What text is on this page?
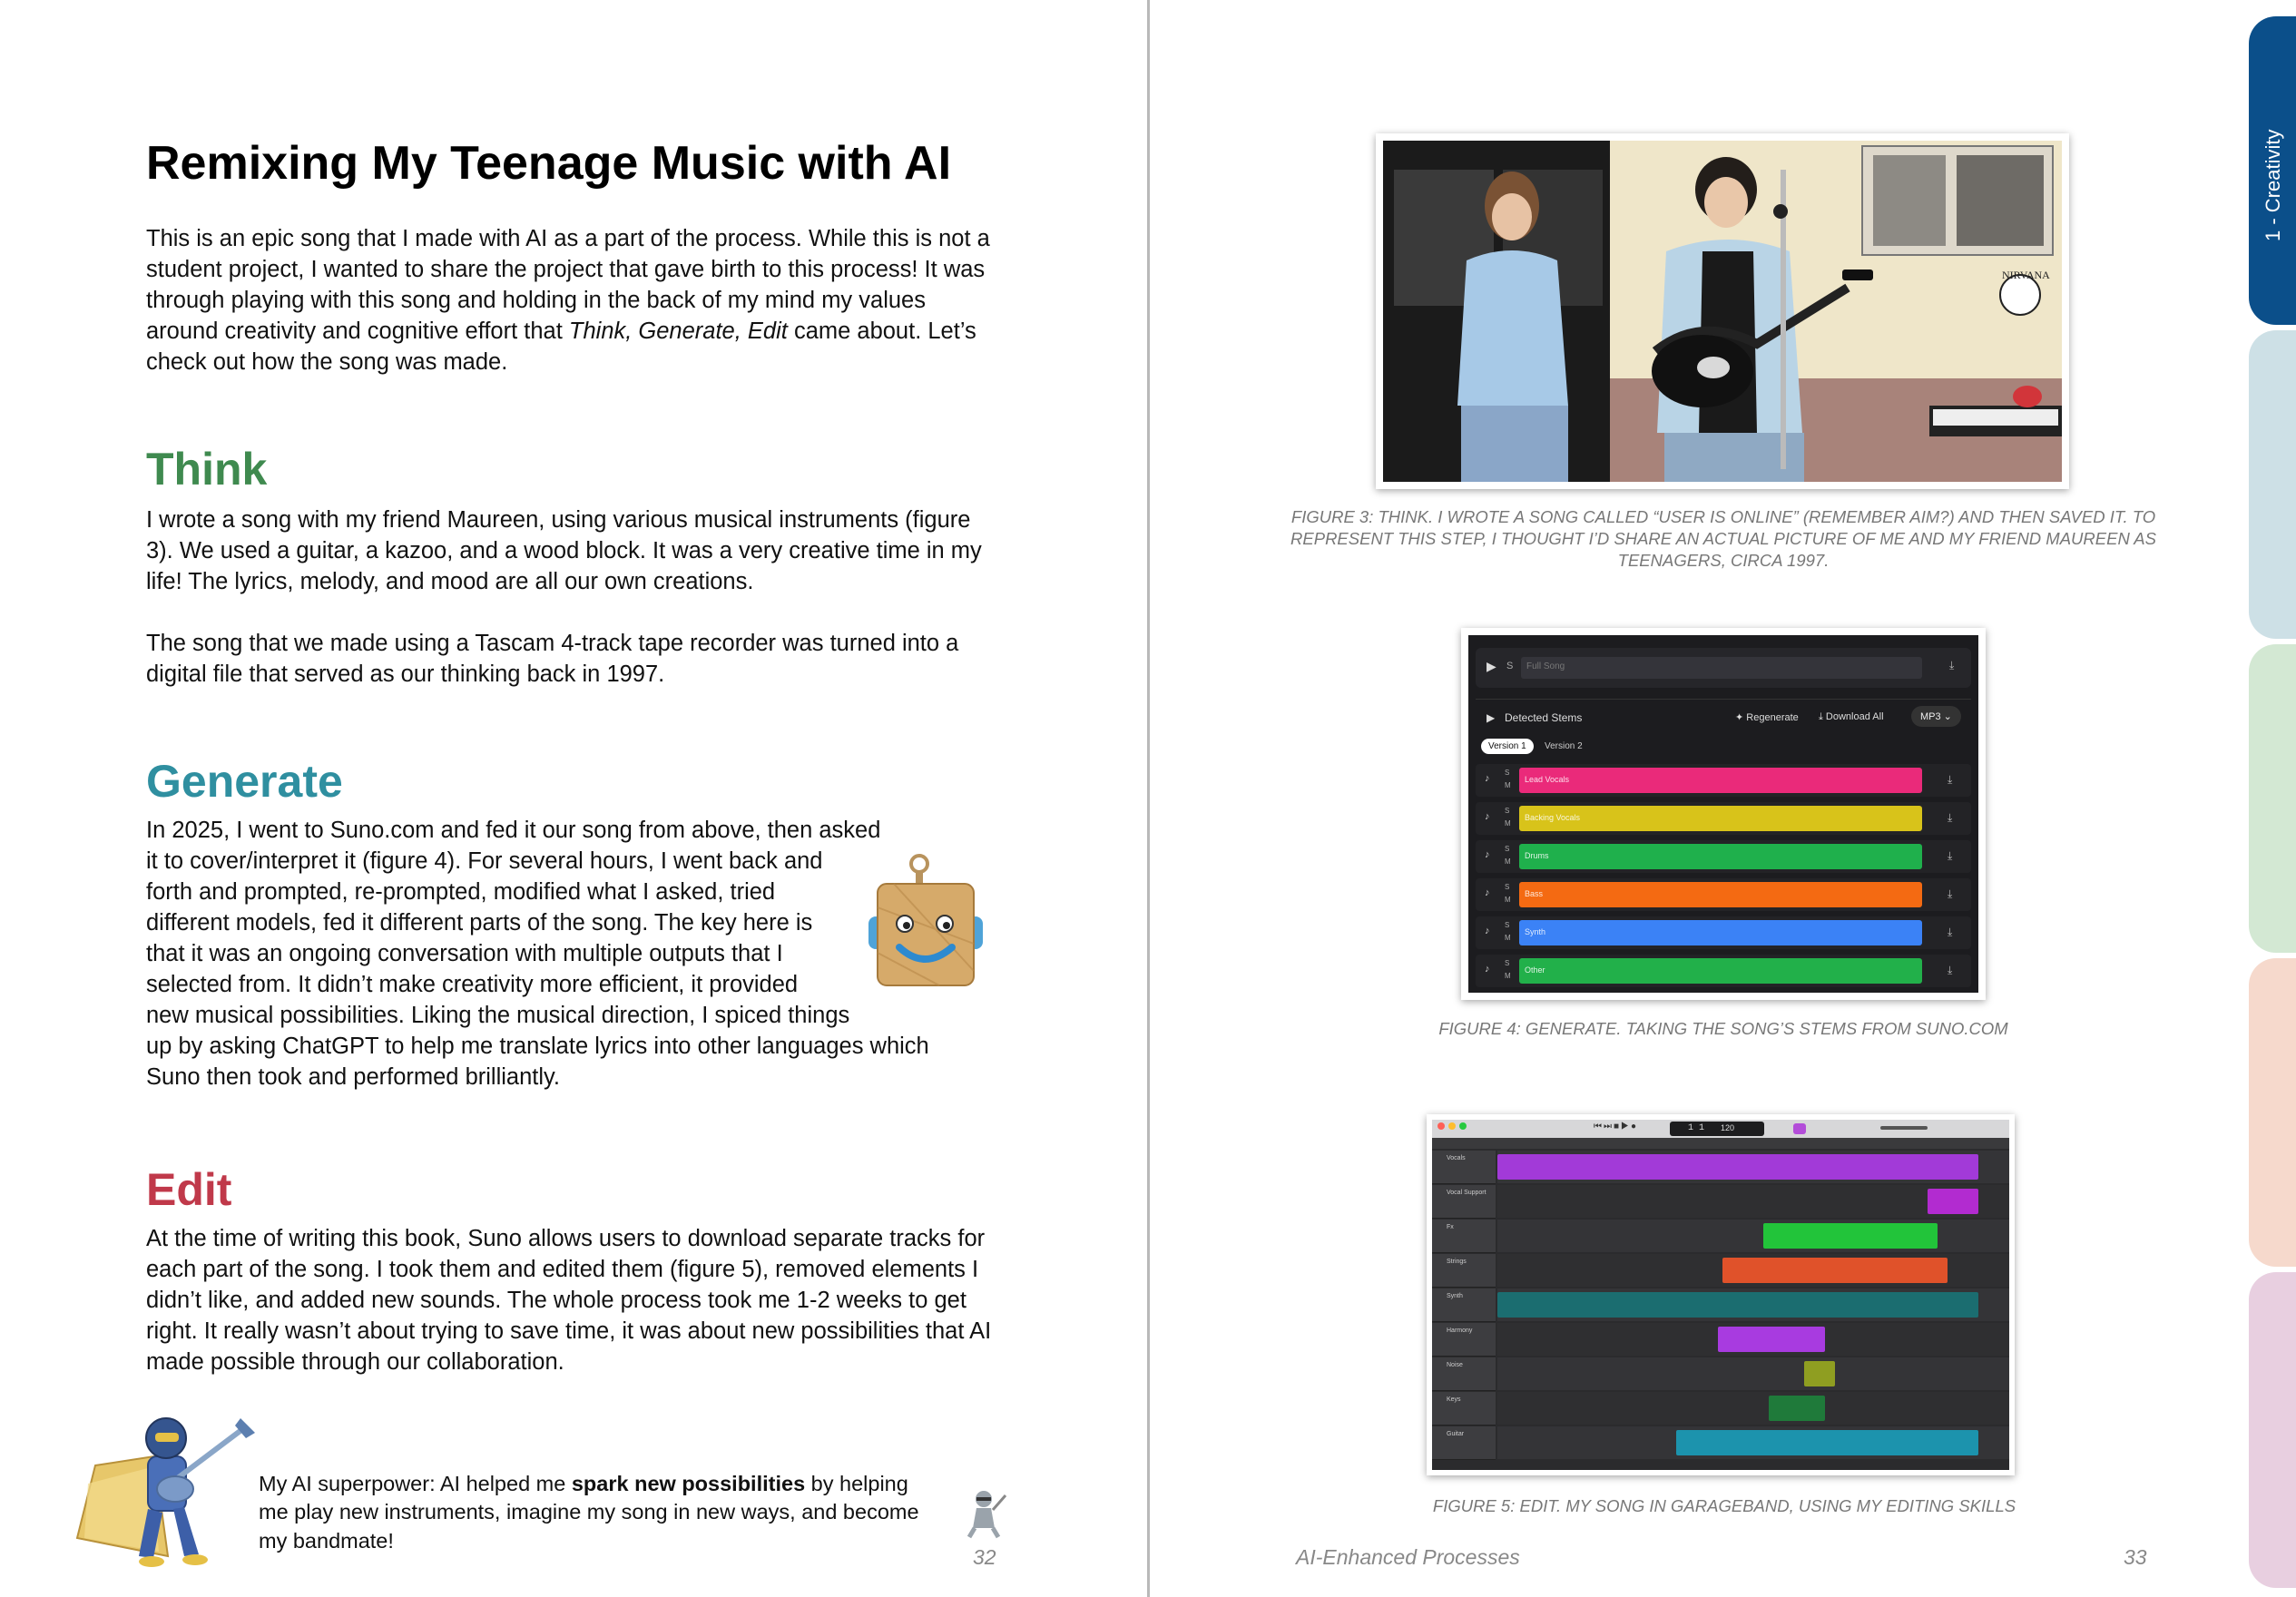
Remixing My Teenage Music with AI

This is an epic song that I made with AI as a part of the process. While this is not a student project, I wanted to share the project that gave birth to this process! It was through playing with this song and holding in the back of my mind my values around creativity and cognitive effort that Think, Generate, Edit came about. Let’s check out how the song was made.

Think

I wrote a song with my friend Maureen, using various musical instruments (figure 3). We used a guitar, a kazoo, and a wood block. It was a very creative time in my life! The lyrics, melody, and mood are all our own creations.

The song that we made using a Tascam 4-track tape recorder was turned into a digital file that served as our thinking back in 1997.

Generate

In 2025, I went to Suno.com and fed it our song from above, then asked
it to cover/interpret it (figure 4). For several hours, I went back and
forth and prompted, re-prompted, modified what I asked, tried
different models, fed it different parts of the song. The key here is
that it was an ongoing conversation with multiple outputs that I
selected from. It didn’t make creativity more efficient, it provided
new musical possibilities. Liking the musical direction, I spiced things
up by asking ChatGPT to help me translate lyrics into other languages which
Suno then took and performed brilliantly.

Edit

At the time of writing this book, Suno allows users to download separate tracks for each part of the song. I took them and edited them (figure 5), removed elements I didn’t like, and added new sounds. The whole process took me 1-2 weeks to get right. It really wasn’t about trying to save time, it was about new possibilities that AI made possible through our collaboration.

My AI superpower: AI helped me spark new possibilities by helping me play new instruments, imagine my song in new ways, and become my bandmate!

32
NIRVANA
FIGURE 3: THINK. I WROTE A SONG CALLED “USER IS ONLINE” (REMEMBER AIM?) AND THEN SAVED IT. TO REPRESENT THIS STEP, I THOUGHT I’D SHARE AN ACTUAL PICTURE OF ME AND MY FRIEND MAUREEN AS TEENAGERS, CIRCA 1997.
▶ S Full Song	⤓
▶ Detected Stems	✦ Regenerate ⤓ Download All	MP3 ⌄
Version 1	Version 2
♪
S
M
Lead Vocals	⤓
♪
S
M
Backing Vocals	⤓
♪
S
M
Drums	⤓
♪
S
M
Bass	⤓
♪
S
M
Synth	⤓
♪
S
M
Other	⤓
FIGURE 4: GENERATE. TAKING THE SONG’S STEMS FROM SUNO.COM
⏮⏭■▶●	1 1 120
Vocals
Vocal Support
Fx
Strings
Synth
Harmony
Noise
Keys
Guitar
FIGURE 5: EDIT. MY SONG IN GARAGEBAND, USING MY EDITING SKILLS
AI-Enhanced Processes	33
1 - Creativity
